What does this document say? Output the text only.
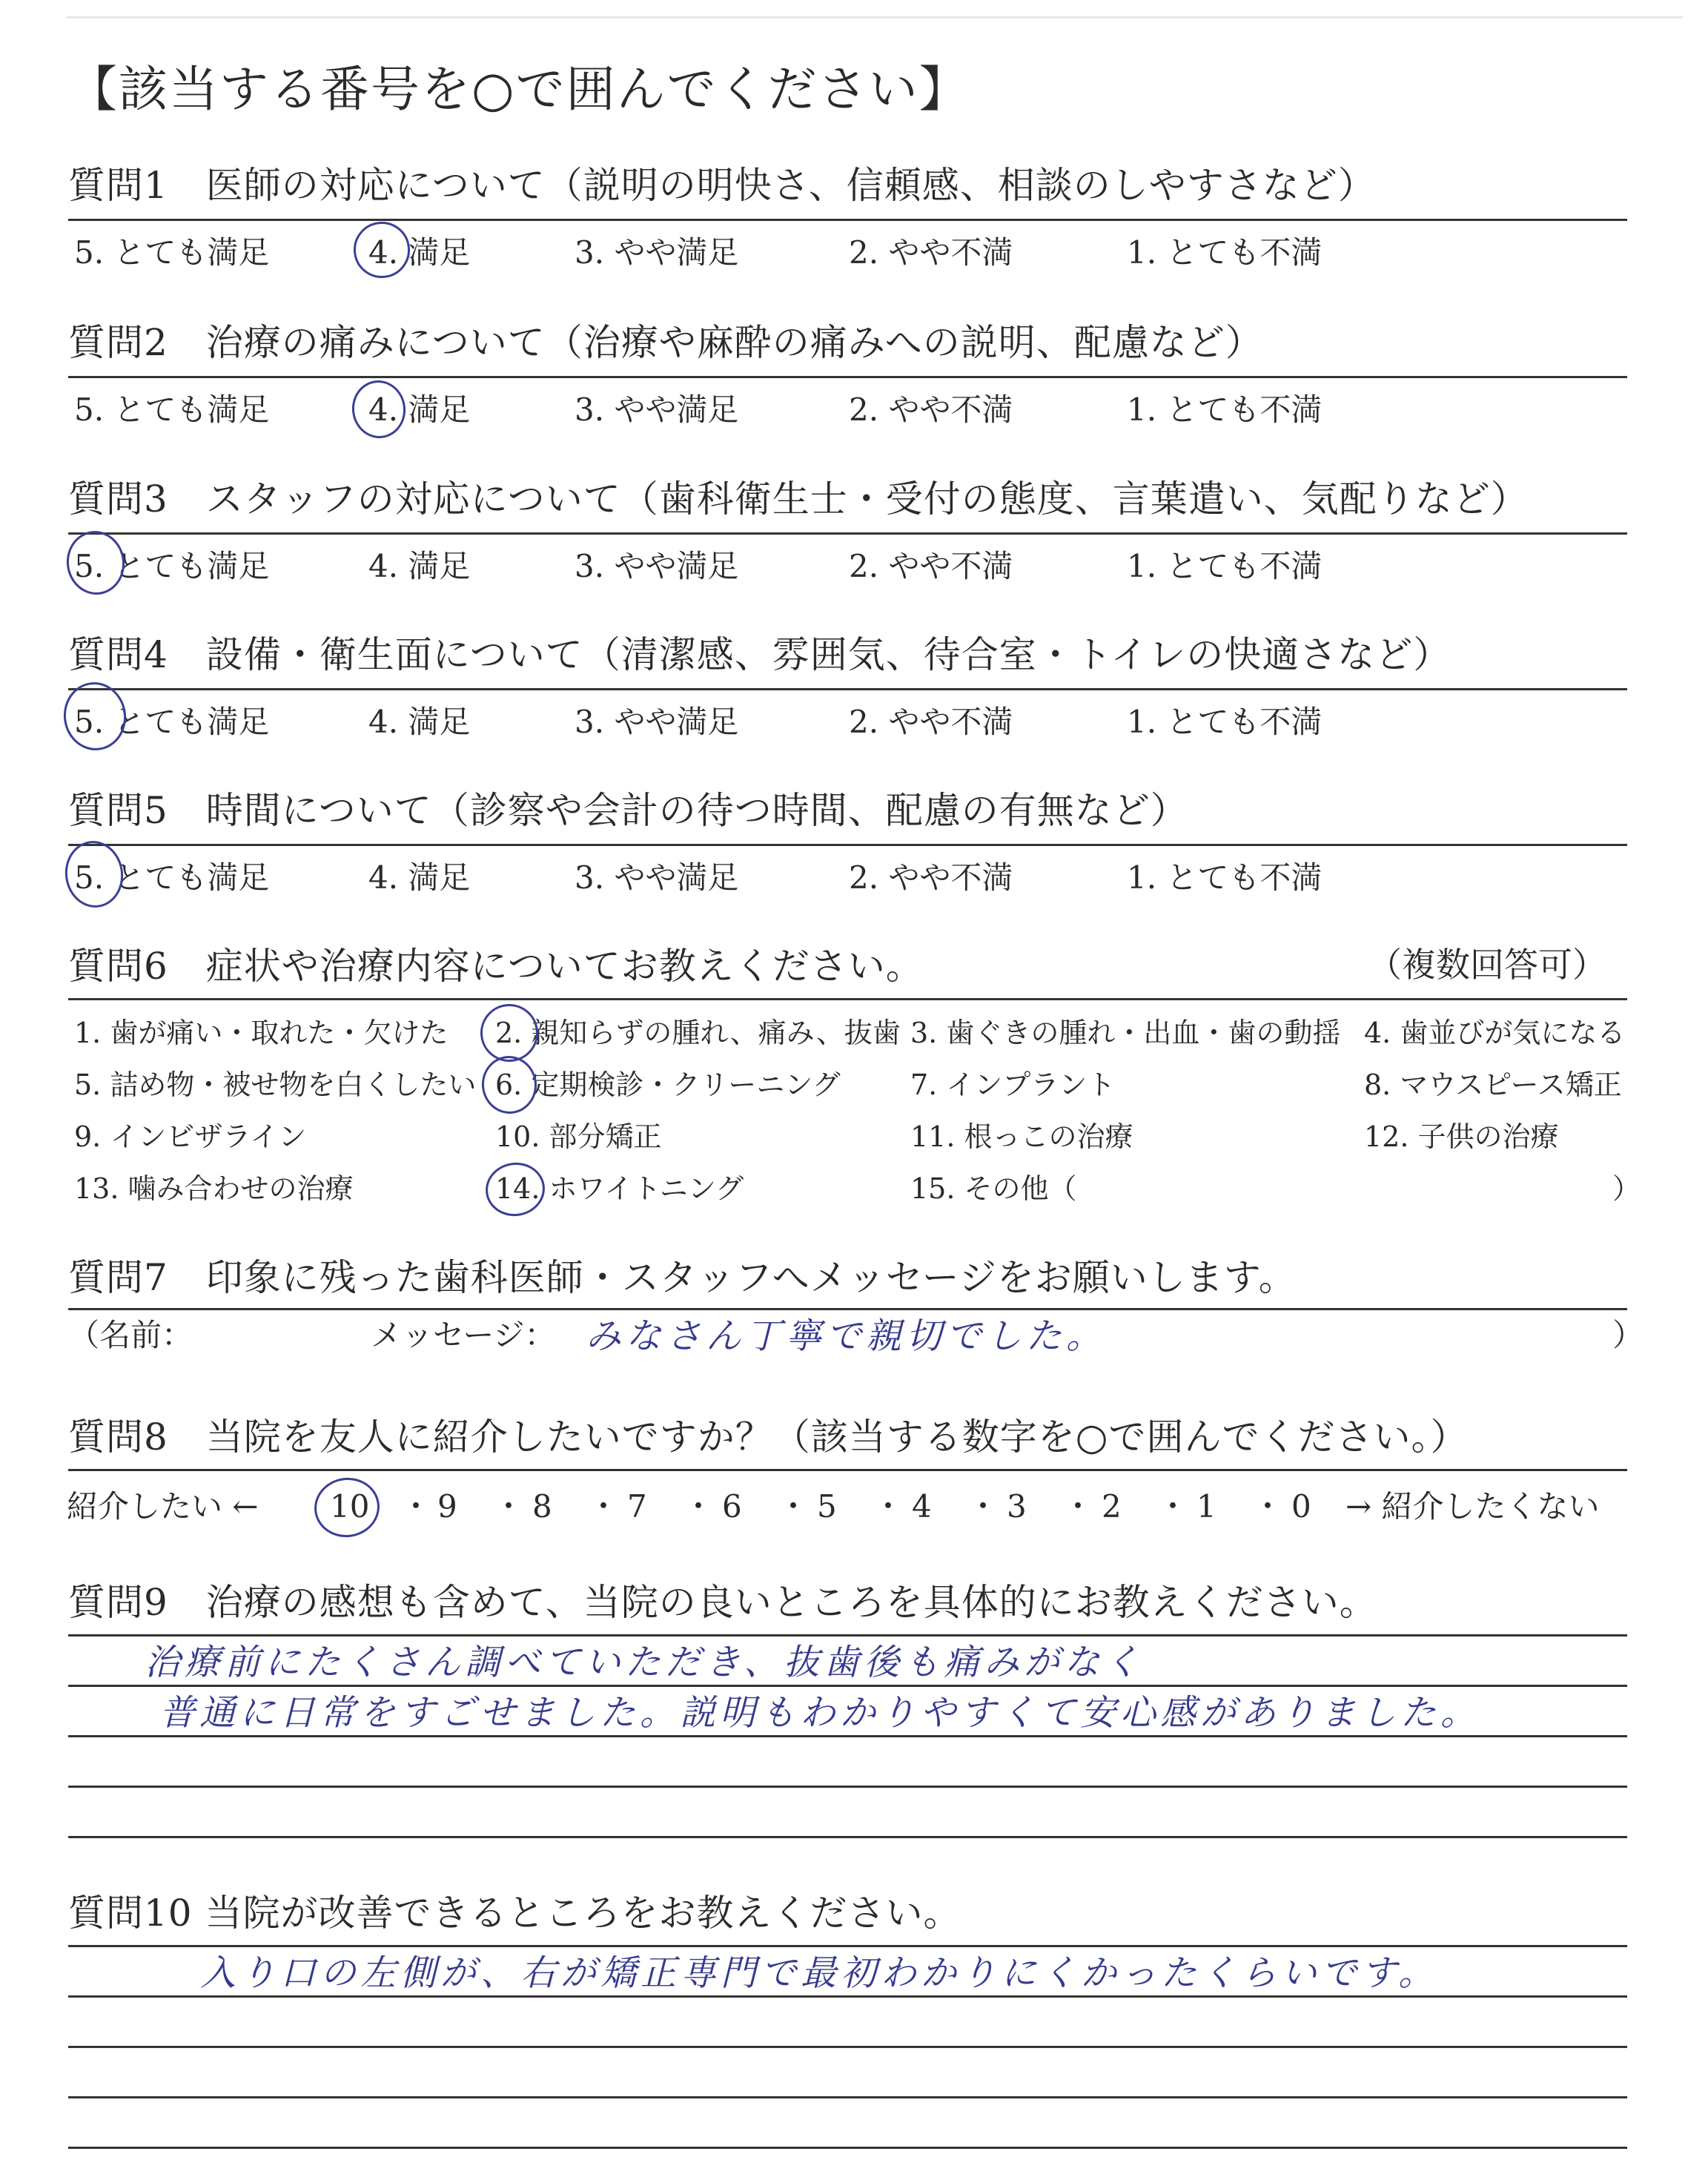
【該当する番号を○で囲んでください】
質問1　医師の対応について（説明の明快さ、信頼感、相談のしやすさなど）
5. とても満足	4. 満足	3. やや満足	2. やや不満	1. とても不満
質問2　治療の痛みについて（治療や麻酔の痛みへの説明、配慮など）
5. とても満足	4. 満足	3. やや満足	2. やや不満	1. とても不満
質問3　スタッフの対応について（歯科衛生士・受付の態度、言葉遣い、気配りなど）
5. とても満足	4. 満足	3. やや満足	2. やや不満	1. とても不満
質問4　設備・衛生面について（清潔感、雰囲気、待合室・トイレの快適さなど）
5. とても満足	4. 満足	3. やや満足	2. やや不満	1. とても不満
質問5　時間について（診察や会計の待つ時間、配慮の有無など）
5. とても満足	4. 満足	3. やや満足	2. やや不満	1. とても不満
質問6　症状や治療内容についてお教えください。	（複数回答可）
1. 歯が痛い・取れた・欠けた 2. 親知らずの腫れ、痛み、抜歯 3. 歯ぐきの腫れ・出血・歯の動揺 4. 歯並びが気になる
5. 詰め物・被せ物を白くしたい 6. 定期検診・クリーニング 7. インプラント	8. マウスピース矯正
9. インビザライン	10. 部分矯正	11. 根っこの治療	12. 子供の治療
13. 噛み合わせの治療	14. ホワイトニング	15. その他（	）
質問7　印象に残った歯科医師・スタッフへメッセージをお願いします。
（名前：	メッセージ： みなさん丁寧で親切でした。	）
質問8　当院を友人に紹介したいですか？（該当する数字を○で囲んでください。）
紹介したい ← 10 ・ 9 ・ 8 ・ 7 ・ 6 ・ 5 ・ 4 ・ 3 ・ 2 ・ 1 ・ 0 → 紹介したくない
質問9　治療の感想も含めて、当院の良いところを具体的にお教えください。
治療前にたくさん調べていただき、抜歯後も痛みがなく
普通に日常をすごせました。説明もわかりやすくて安心感がありました。
質問10 当院が改善できるところをお教えください。
入り口の左側が、右が矯正専門で最初わかりにくかったくらいです。
